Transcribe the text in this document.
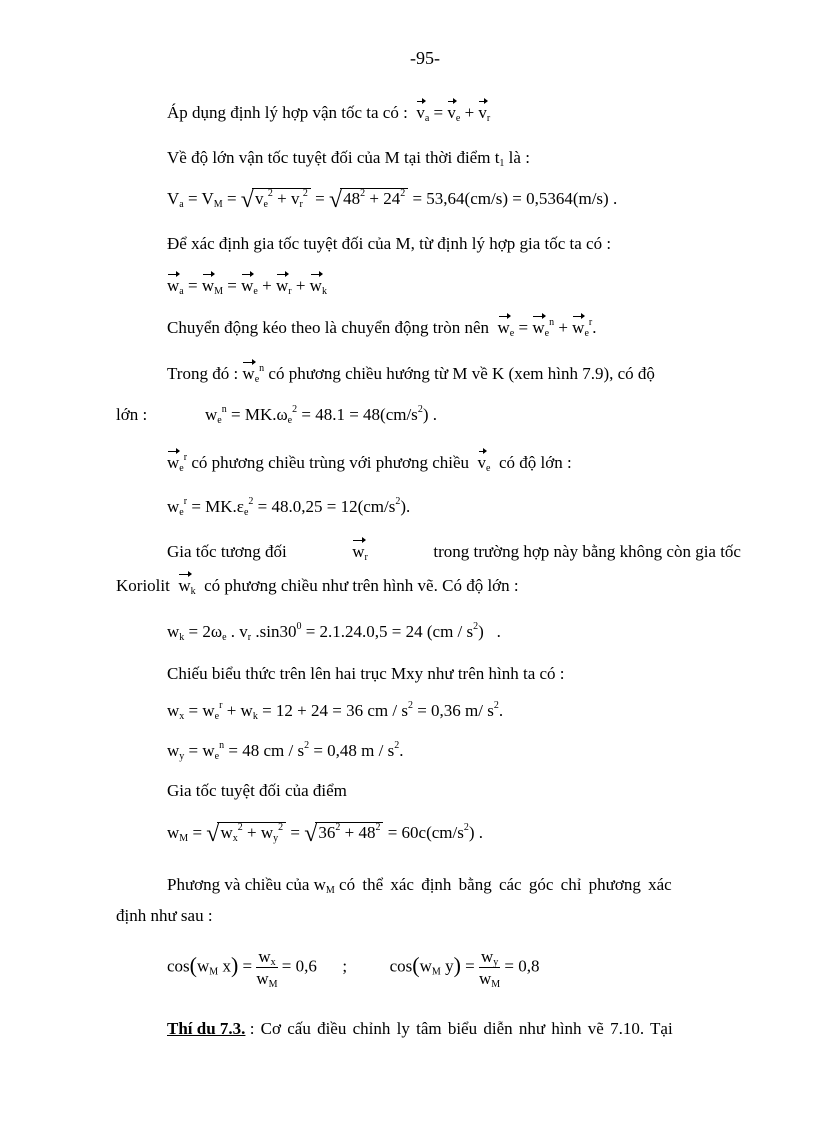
-95-
Áp dụng định lý hợp vận tốc ta có : $v_a = v_e + v_r$
Về độ lớn vận tốc tuyệt đối của M tại thời điểm $t_1$ là :
$V_a = V_M = √v_e^2 + v_r^2 = √48^2 + 24^2 = 53,64(cm/s) = 0,5364(m/s)$ .
Để xác định gia tốc tuyệt đối của M, từ định lý hợp gia tốc ta có :
$w_a = w_M = w_e + w_r + w_k$
Chuyển động kéo theo là chuyển động tròn nên $w_e = w_e^n + w_e^r$.
Trong đó : $w_e^n$ có phương chiều hướng từ M về K (xem hình 7.9), có độ
lớn :	$w_e^n = MK.\omega_e^2 = 48.1 = 48(cm/s^2)$ .
$w_e^r$ có phương chiều trùng với phương chiều $v_e$ có độ lớn :
$w_e^r = MK.\varepsilon_e^2 = 48.0,25 = 12(cm/s^2)$.
Gia tốc tương đối	$w_r$	trong trường hợp này bằng không còn gia tốc
Koriolit $w_k$ có phương chiều như trên hình vẽ. Có độ lớn :
$w_k = 2\omega_e$ . $v_r$ $.\sin 30^0 = 2.1.24.0,5 = 24$ $(cm / s^2)$   .
Chiếu biểu thức trên lên hai trục Mxy như trên hình ta có :
$w_x = w_e^r + w_k = 12 + 24 = 36$ cm / $s^2 = 0,36$ m/ $s^2$.
$w_y = w_e^n = 48$ cm / $s^2 = 0,48$ m / $s^2$.
Gia tốc tuyệt đối của điểm
$w_M = √w_x^2 + w_y^2 = √36^2 + 48^2 = 60c(cm/s^2)$ .
Phương và chiều của $w_M$ có thể xác định bằng các góc chỉ phương xác
định như sau :
$\cos(w_M$ $x) = \frac{w_x}{w_M} = 0,6$ ;          $\cos(w_M$ $y) = \frac{w_y}{w_M} = 0,8$
Thí du 7.3. : Cơ cấu điều chỉnh ly tâm biểu diễn như hình vẽ 7.10. Tại
